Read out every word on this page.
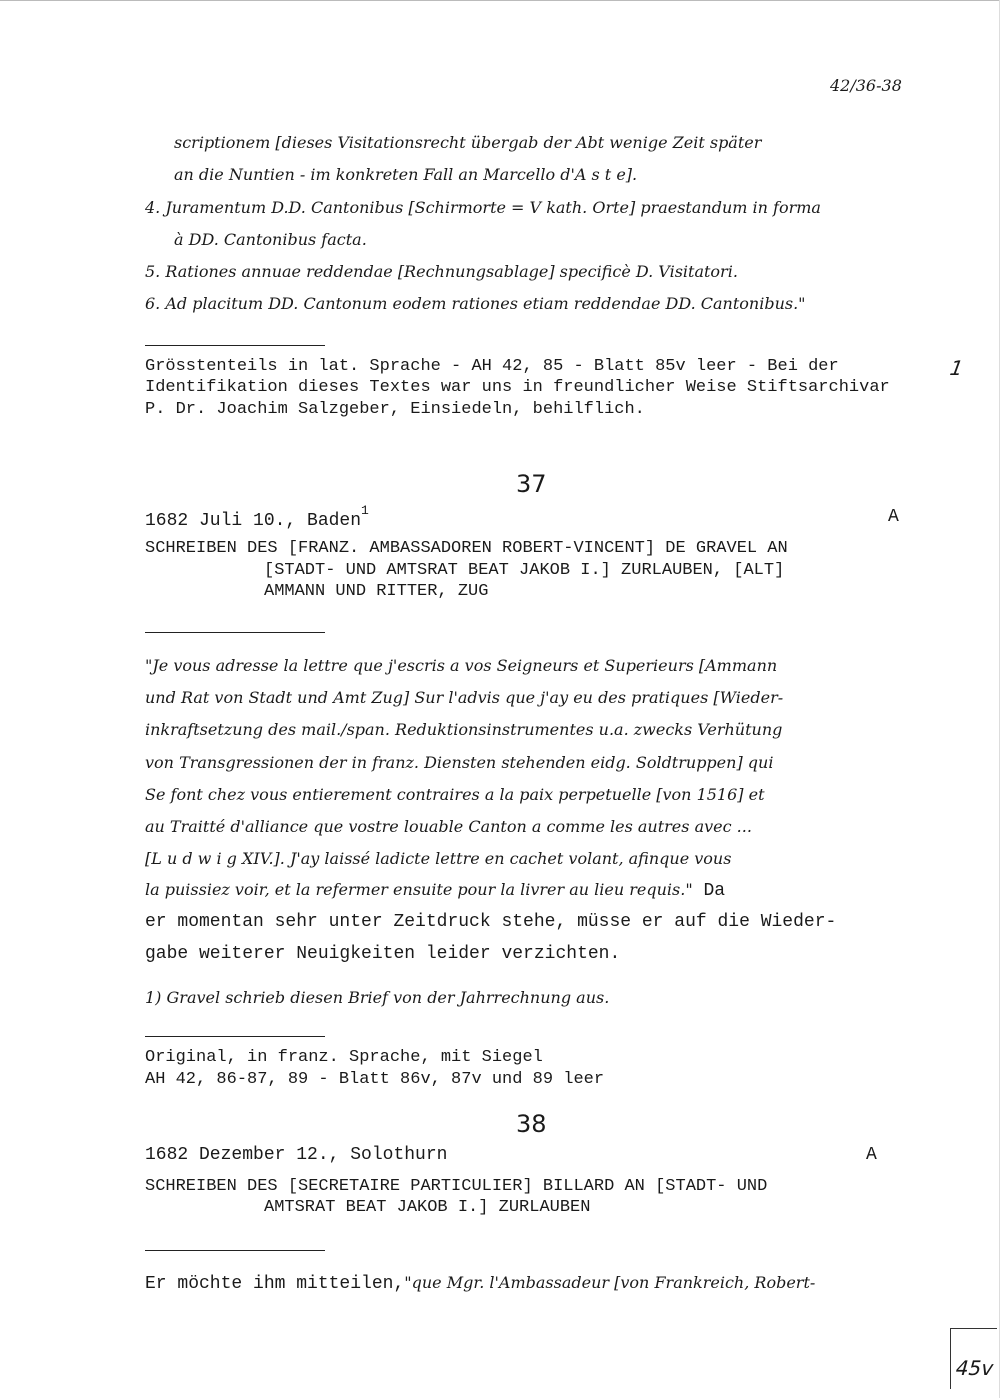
42/36-38
scriptionem [dieses Visitationsrecht übergab der Abt wenige Zeit später
an die Nuntien - im konkreten Fall an Marcello d'A s t e].
4. Juramentum D.D. Cantonibus [Schirmorte = V kath. Orte] praestandum in forma
à DD. Cantonibus facta.
5. Rationes annuae reddendae [Rechnungsablage] specificè D. Visitatori.
6. Ad placitum DD. Cantonum eodem rationes etiam reddendae DD. Cantonibus."
Grösstenteils in lat. Sprache - AH 42, 85 - Blatt 85v leer - Bei der
Identifikation dieses Textes war uns in freundlicher Weise Stiftsarchivar
P. Dr. Joachim Salzgeber, Einsiedeln, behilflich.
1
37
1682 Juli 10., Baden$^1$	A
SCHREIBEN DES [FRANZ. AMBASSADOREN ROBERT-VINCENT] DE GRAVEL AN
[STADT- UND AMTSRAT BEAT JAKOB I.] ZURLAUBEN, [ALT]
AMMANN UND RITTER, ZUG
"Je vous adresse la lettre que j'escris a vos Seigneurs et Superieurs [Ammann
und Rat von Stadt und Amt Zug] Sur l'advis que j'ay eu des pratiques [Wieder-
inkraftsetzung des mail./span. Reduktionsinstrumentes u.a. zwecks Verhütung
von Transgressionen der in franz. Diensten stehenden eidg. Soldtruppen] qui
Se font chez vous entierement contraires a la paix perpetuelle [von 1516] et
au Traitté d'alliance que vostre louable Canton a comme les autres avec ...
[L u d w i g XIV.]. J'ay laissé ladicte lettre en cachet volant, afinque vous
la puissiez voir, et la refermer ensuite pour la livrer au lieu requis." Da
er momentan sehr unter Zeitdruck stehe, müsse er auf die Wieder-
gabe weiterer Neuigkeiten leider verzichten.
1) Gravel schrieb diesen Brief von der Jahrrechnung aus.
Original, in franz. Sprache, mit Siegel
AH 42, 86-87, 89 - Blatt 86v, 87v und 89 leer
38
1682 Dezember 12., Solothurn	A
SCHREIBEN DES [SECRETAIRE PARTICULIER] BILLARD AN [STADT- UND
AMTSRAT BEAT JAKOB I.] ZURLAUBEN
Er möchte ihm mitteilen,"que Mgr. l'Ambassadeur [von Frankreich, Robert-
45v
